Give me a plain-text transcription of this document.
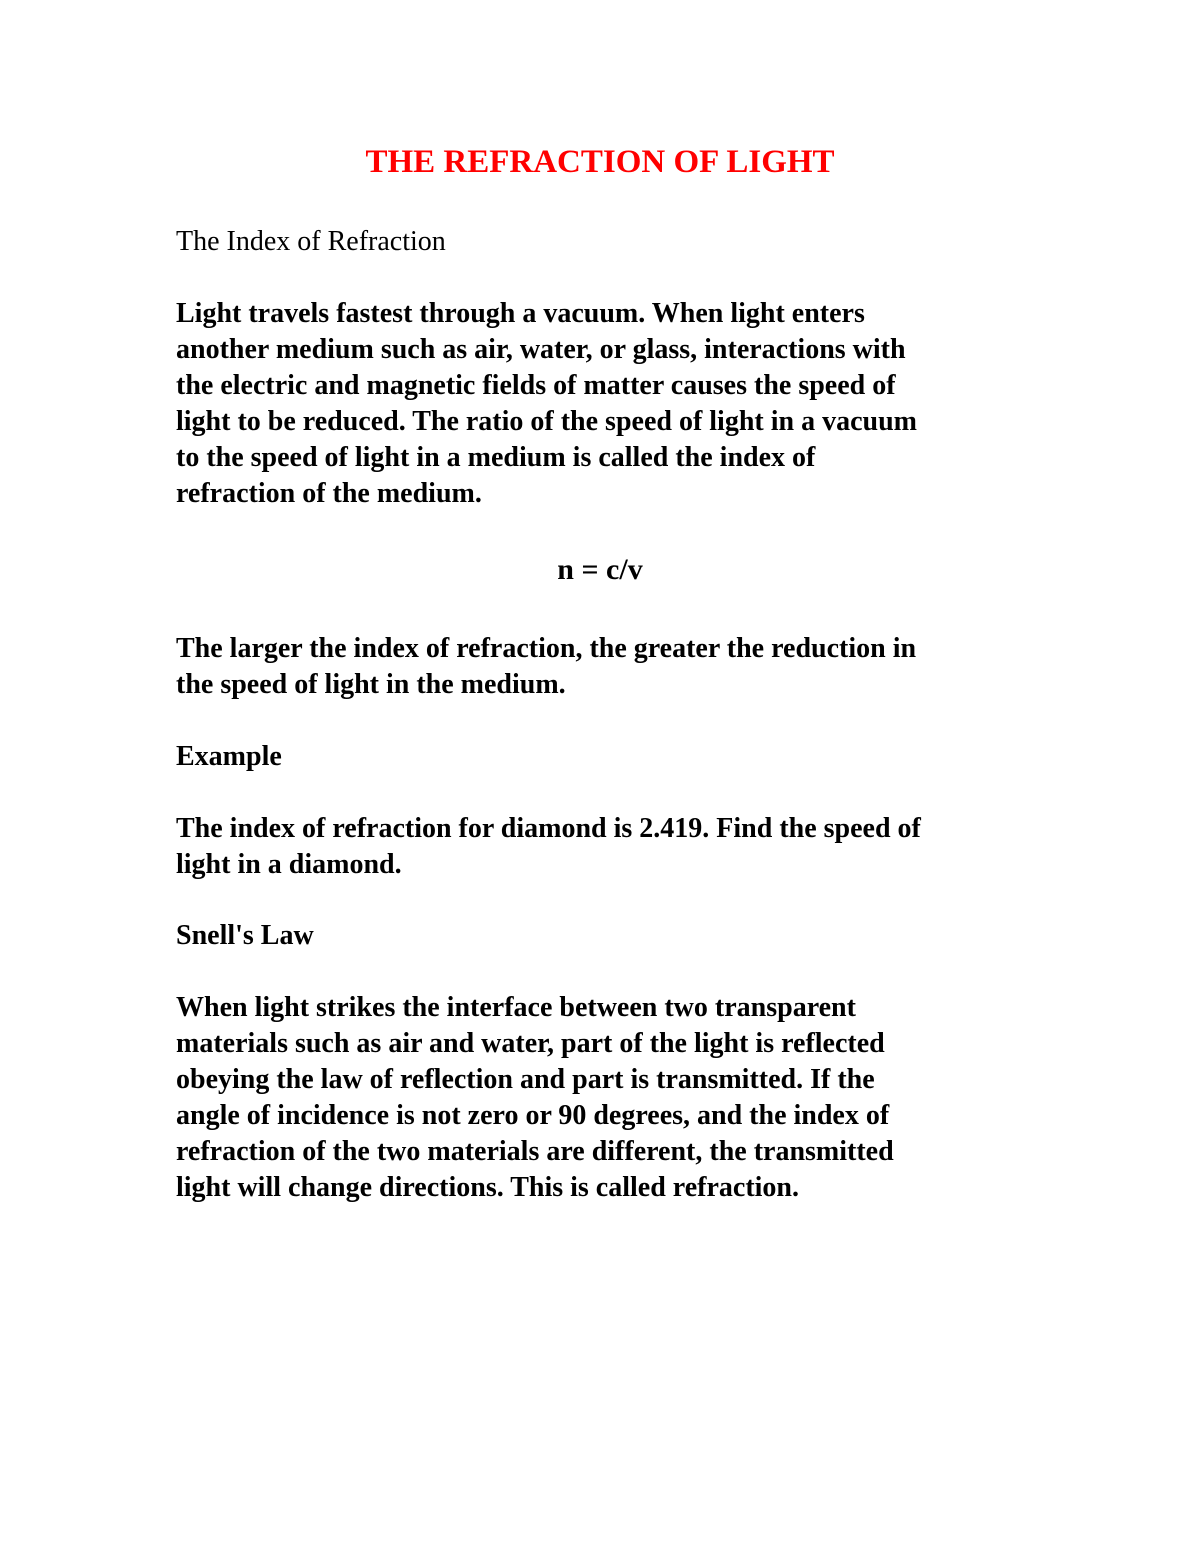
THE REFRACTION OF LIGHT
The Index of Refraction
Light travels fastest through a vacuum. When light enters
another medium such as air, water, or glass, interactions with
the electric and magnetic fields of matter causes the speed of
light to be reduced. The ratio of the speed of light in a vacuum
to the speed of light in a medium is called the index of
refraction of the medium.
n = c/v
The larger the index of refraction, the greater the reduction in
the speed of light in the medium.
Example
The index of refraction for diamond is 2.419. Find the speed of
light in a diamond.
Snell's Law
When light strikes the interface between two transparent
materials such as air and water, part of the light is reflected
obeying the law of reflection and part is transmitted. If the
angle of incidence is not zero or 90 degrees, and the index of
refraction of the two materials are different, the transmitted
light will change directions. This is called refraction.
